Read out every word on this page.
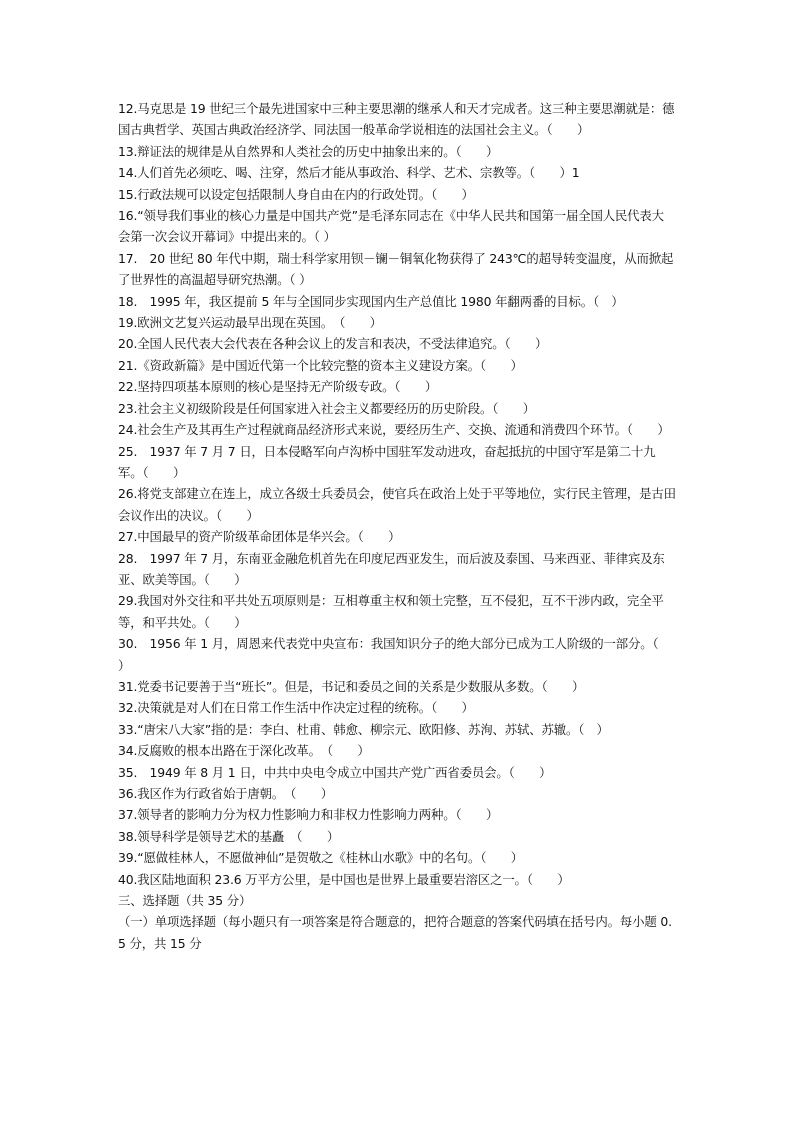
12.马克思是 19 世纪三个最先进国家中三种主要思潮的继承人和天才完成者。这三种主要思潮就是：德国古典哲学、英国古典政治经济学、同法国一般革命学说相连的法国社会主义。（　　）

13.辩证法的规律是从自然界和人类社会的历史中抽象出来的。（　　）

14.人们首先必须吃、喝、注穿，然后才能从事政治、科学、艺术、宗教等。（　　）1

15.行政法规可以设定包括限制人身自由在内的行政处罚。（　　）

16.“领导我们事业的核心力量是中国共产党”是毛泽东同志在《中华人民共和国第一届全国人民代表大会第一次会议开幕词》中提出来的。（ ）

17.　20 世纪 80 年代中期，瑞士科学家用钡－镧－铜氧化物获得了 243℃的超导转变温度，从而掀起了世界性的高温超导研究热潮。（ ）

18.　1995 年，我区提前 5 年与全国同步实现国内生产总值比 1980 年翻两番的目标。（　）

19.欧洲文艺复兴运动最早出现在英国。　（　　）

20.全国人民代表大会代表在各种会议上的发言和表决，不受法律追究。（　　）

21.《资政新篇》是中国近代第一个比较完整的资本主义建设方案。（　　）

22.坚持四项基本原则的核心是坚持无产阶级专政。（　　）

23.社会主义初级阶段是任何国家进入社会主义都要经历的历史阶段。（　　）

24.社会生产及其再生产过程就商品经济形式来说，要经历生产、交换、流通和消费四个环节。（　　）

25.　1937 年 7 月 7 日，日本侵略军向卢沟桥中国驻军发动进攻，奋起抵抗的中国守军是第二十九军。（　　）

26.将党支部建立在连上，成立各级士兵委员会，使官兵在政治上处于平等地位，实行民主管理，是古田会议作出的决议。（　　）

27.中国最早的资产阶级革命团体是华兴会。（　　）

28.　1997 年 7 月，东南亚金融危机首先在印度尼西亚发生，而后波及泰国、马来西亚、菲律宾及东亚、欧美等国。（　　）

29.我国对外交往和平共处五项原则是：互相尊重主权和领土完整，互不侵犯，互不干涉内政，完全平等，和平共处。（　　）

30.　1956 年 1 月，周恩来代表党中央宣布：我国知识分子的绝大部分已成为工人阶级的一部分。（　　）

31.党委书记要善于当“班长”。但是，书记和委员之间的关系是少数服从多数。（　　）

32.决策就是对人们在日常工作生活中作决定过程的统称。（　　）

33.“唐宋八大家”指的是：李白、杜甫、韩愈、柳宗元、欧阳修、苏洵、苏轼、苏辙。（　）

34.反腐败的根本出路在于深化改革。　（　　）

35.　1949 年 8 月 1 日，中共中央电令成立中国共产党广西省委员会。（　　）

36.我区作为行政省始于唐朝。　（　　）

37.领导者的影响力分为权力性影响力和非权力性影响力两种。（　　）

38.领导科学是领导艺术的基矗　（　　）

39.“愿做桂林人，不愿做神仙”是贺敬之《桂林山水歌》中的名句。（　　）

40.我区陆地面积 23.6 万平方公里，是中国也是世界上最重要岩溶区之一。（　　）

三、选择题（共 35 分）

（一）单项选择题（每小题只有一项答案是符合题意的，把符合题意的答案代码填在括号内。每小题 0.5 分，共 15 分
